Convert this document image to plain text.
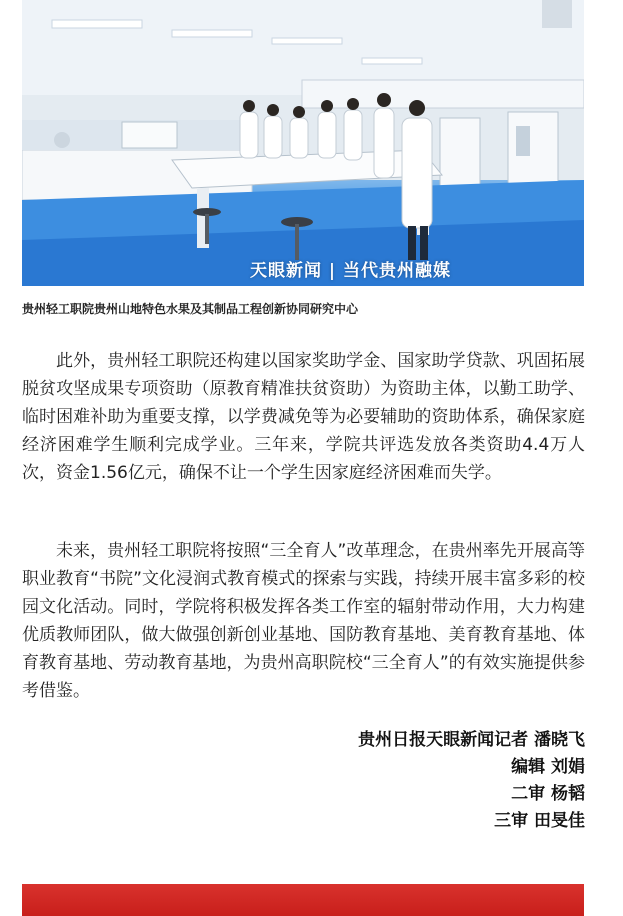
天眼新闻 | 当代贵州融媒
贵州轻工职院贵州山地特色水果及其制品工程创新协同研究中心

此外，贵州轻工职院还构建以国家奖助学金、国家助学贷款、巩固拓展脱贫攻坚成果专项资助（原教育精准扶贫资助）为资助主体，以勤工助学、临时困难补助为重要支撑，以学费减免等为必要辅助的资助体系，确保家庭经济困难学生顺利完成学业。三年来，学院共评选发放各类资助4.4万人次，资金1.56亿元，确保不让一个学生因家庭经济困难而失学。

未来，贵州轻工职院将按照“三全育人”改革理念，在贵州率先开展高等职业教育“书院”文化浸润式教育模式的探索与实践，持续开展丰富多彩的校园文化活动。同时，学院将积极发挥各类工作室的辐射带动作用，大力构建优质教师团队，做大做强创新创业基地、国防教育基地、美育教育基地、体育教育基地、劳动教育基地，为贵州高职院校“三全育人”的有效实施提供参考借鉴。

贵州日报天眼新闻记者 潘晓飞
编辑 刘娟
二审 杨韬
三审 田旻佳
